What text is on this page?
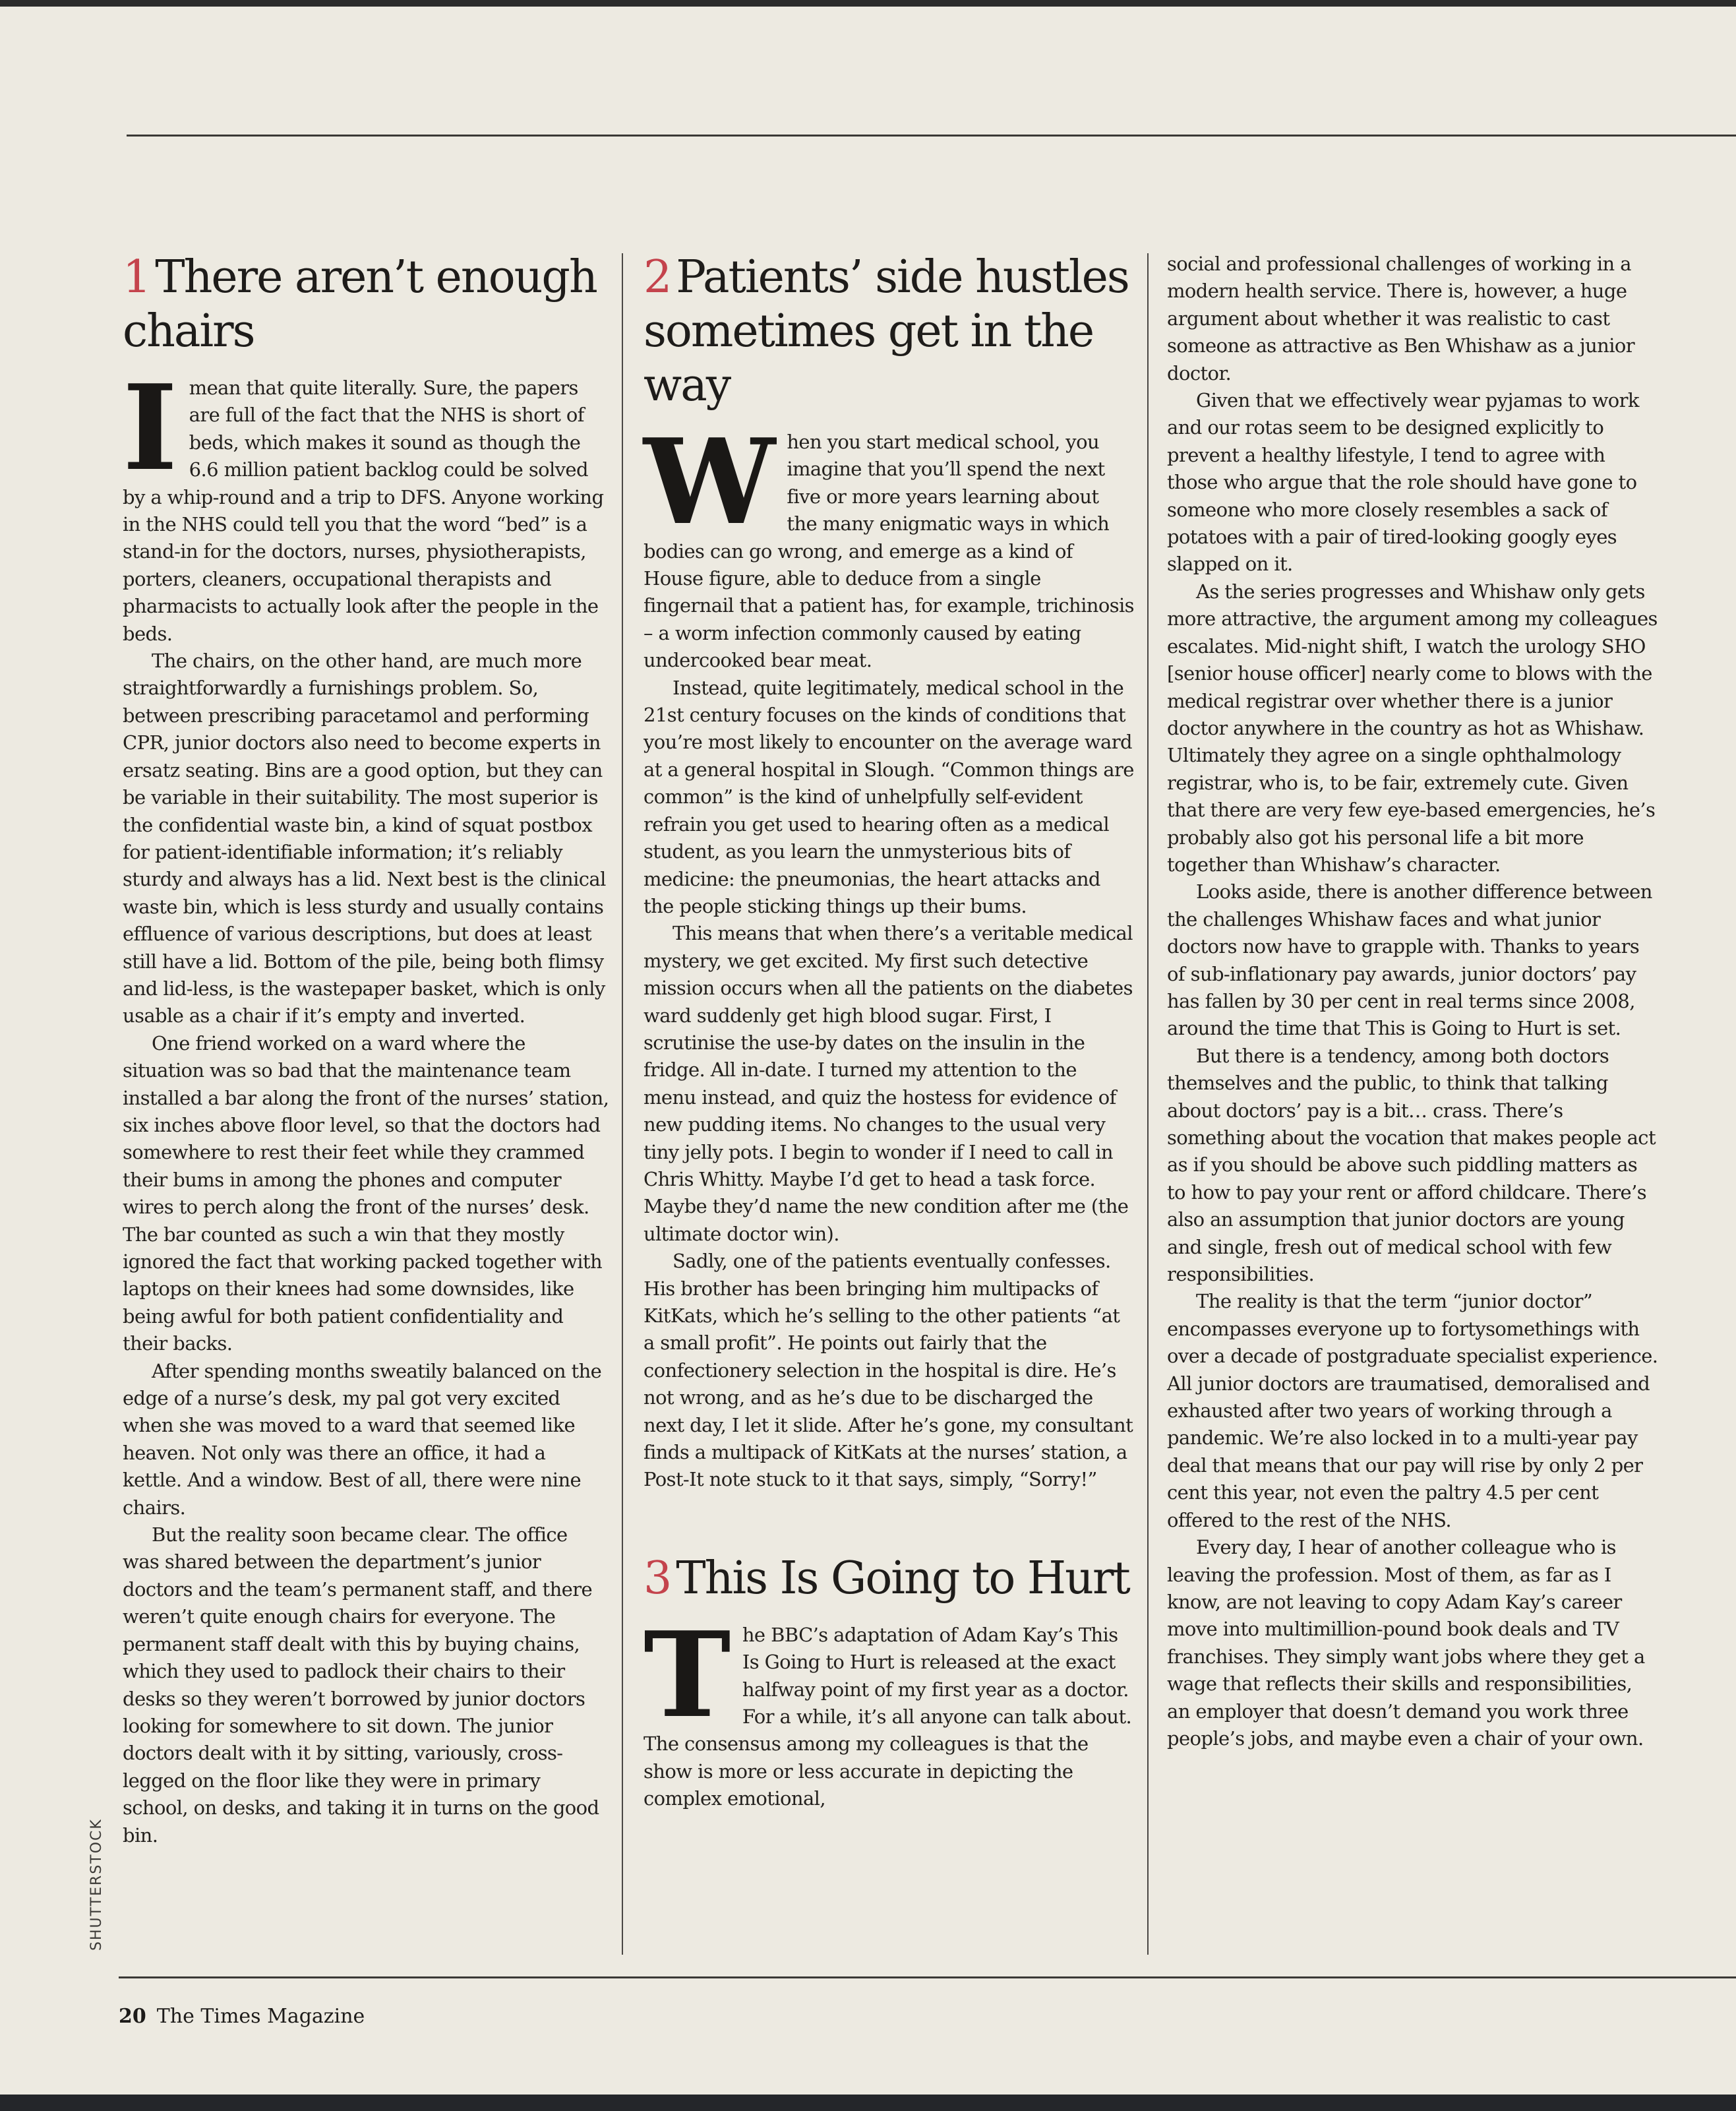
1 There aren’t enough chairs

Imean that quite literally. Sure, the papers are full of the fact that the NHS is short of beds, which makes it sound as though the 6.6 million patient backlog could be solved by a whip-round and a trip to DFS. Anyone working in the NHS could tell you that the word “bed” is a stand-in for the doctors, nurses, physiotherapists, porters, cleaners, occupational therapists and pharmacists to actually look after the people in the beds.

The chairs, on the other hand, are much more straightforwardly a furnishings problem. So, between prescribing paracetamol and performing CPR, junior doctors also need to become experts in ersatz seating. Bins are a good option, but they can be variable in their suitability. The most superior is the confidential waste bin, a kind of squat postbox for patient-identifiable information; it’s reliably sturdy and always has a lid. Next best is the clinical waste bin, which is less sturdy and usually contains effluence of various descriptions, but does at least still have a lid. Bottom of the pile, being both flimsy and lid-less, is the wastepaper basket, which is only usable as a chair if it’s empty and inverted.

One friend worked on a ward where the situation was so bad that the maintenance team installed a bar along the front of the nurses’ station, six inches above floor level, so that the doctors had somewhere to rest their feet while they crammed their bums in among the phones and computer wires to perch along the front of the nurses’ desk. The bar counted as such a win that they mostly ignored the fact that working packed together with laptops on their knees had some downsides, like being awful for both patient confidentiality and their backs.

After spending months sweatily balanced on the edge of a nurse’s desk, my pal got very excited when she was moved to a ward that seemed like heaven. Not only was there an office, it had a kettle. And a window. Best of all, there were nine chairs.

But the reality soon became clear. The office was shared between the department’s junior doctors and the team’s permanent staff, and there weren’t quite enough chairs for everyone. The permanent staff dealt with this by buying chains, which they used to padlock their chairs to their desks so they weren’t borrowed by junior doctors looking for somewhere to sit down. The junior doctors dealt with it by sitting, variously, cross-legged on the floor like they were in primary school, on desks, and taking it in turns on the good bin.

2 Patients’ side hustles sometimes get in the way

When you start medical school, you imagine that you’ll spend the next five or more years learning about the many enigmatic ways in which bodies can go wrong, and emerge as a kind of House figure, able to deduce from a single fingernail that a patient has, for example, trichinosis – a worm infection commonly caused by eating undercooked bear meat.

Instead, quite legitimately, medical school in the 21st century focuses on the kinds of conditions that you’re most likely to encounter on the average ward at a general hospital in Slough. “Common things are common” is the kind of unhelpfully self-evident refrain you get used to hearing often as a medical student, as you learn the unmysterious bits of medicine: the pneumonias, the heart attacks and the people sticking things up their bums.

This means that when there’s a veritable medical mystery, we get excited. My first such detective mission occurs when all the patients on the diabetes ward suddenly get high blood sugar. First, I scrutinise the use-by dates on the insulin in the fridge. All in-date. I turned my attention to the menu instead, and quiz the hostess for evidence of new pudding items. No changes to the usual very tiny jelly pots. I begin to wonder if I need to call in Chris Whitty. Maybe I’d get to head a task force. Maybe they’d name the new condition after me (the ultimate doctor win).

Sadly, one of the patients eventually confesses. His brother has been bringing him multipacks of KitKats, which he’s selling to the other patients “at a small profit”. He points out fairly that the confectionery selection in the hospital is dire. He’s not wrong, and as he’s due to be discharged the next day, I let it slide. After he’s gone, my consultant finds a multipack of KitKats at the nurses’ station, a Post-It note stuck to it that says, simply, “Sorry!”

3 This Is Going to Hurt

The BBC’s adaptation of Adam Kay’s This Is Going to Hurt is released at the exact halfway point of my first year as a doctor. For a while, it’s all anyone can talk about. The consensus among my colleagues is that the show is more or less accurate in depicting the complex emotional,

social and professional challenges of working in a modern health service. There is, however, a huge argument about whether it was realistic to cast someone as attractive as Ben Whishaw as a junior doctor.

Given that we effectively wear pyjamas to work and our rotas seem to be designed explicitly to prevent a healthy lifestyle, I tend to agree with those who argue that the role should have gone to someone who more closely resembles a sack of potatoes with a pair of tired-looking googly eyes slapped on it.

As the series progresses and Whishaw only gets more attractive, the argument among my colleagues escalates. Mid-night shift, I watch the urology SHO [senior house officer] nearly come to blows with the medical registrar over whether there is a junior doctor anywhere in the country as hot as Whishaw. Ultimately they agree on a single ophthalmology registrar, who is, to be fair, extremely cute. Given that there are very few eye-based emergencies, he’s probably also got his personal life a bit more together than Whishaw’s character.

Looks aside, there is another difference between the challenges Whishaw faces and what junior doctors now have to grapple with. Thanks to years of sub-inflationary pay awards, junior doctors’ pay has fallen by 30 per cent in real terms since 2008, around the time that This is Going to Hurt is set.

But there is a tendency, among both doctors themselves and the public, to think that talking about doctors’ pay is a bit… crass. There’s something about the vocation that makes people act as if you should be above such piddling matters as to how to pay your rent or afford childcare. There’s also an assumption that junior doctors are young and single, fresh out of medical school with few responsibilities.

The reality is that the term “junior doctor” encompasses everyone up to fortysomethings with over a decade of postgraduate specialist experience. All junior doctors are traumatised, demoralised and exhausted after two years of working through a pandemic. We’re also locked in to a multi-year pay deal that means that our pay will rise by only 2 per cent this year, not even the paltry 4.5 per cent offered to the rest of the NHS.

Every day, I hear of another colleague who is leaving the profession. Most of them, as far as I know, are not leaving to copy Adam Kay’s career move into multimillion-pound book deals and TV franchises. They simply want jobs where they get a wage that reflects their skills and responsibilities, an employer that doesn’t demand you work three people’s jobs, and maybe even a chair of your own.

SHUTTERSTOCK
20 The Times Magazine
